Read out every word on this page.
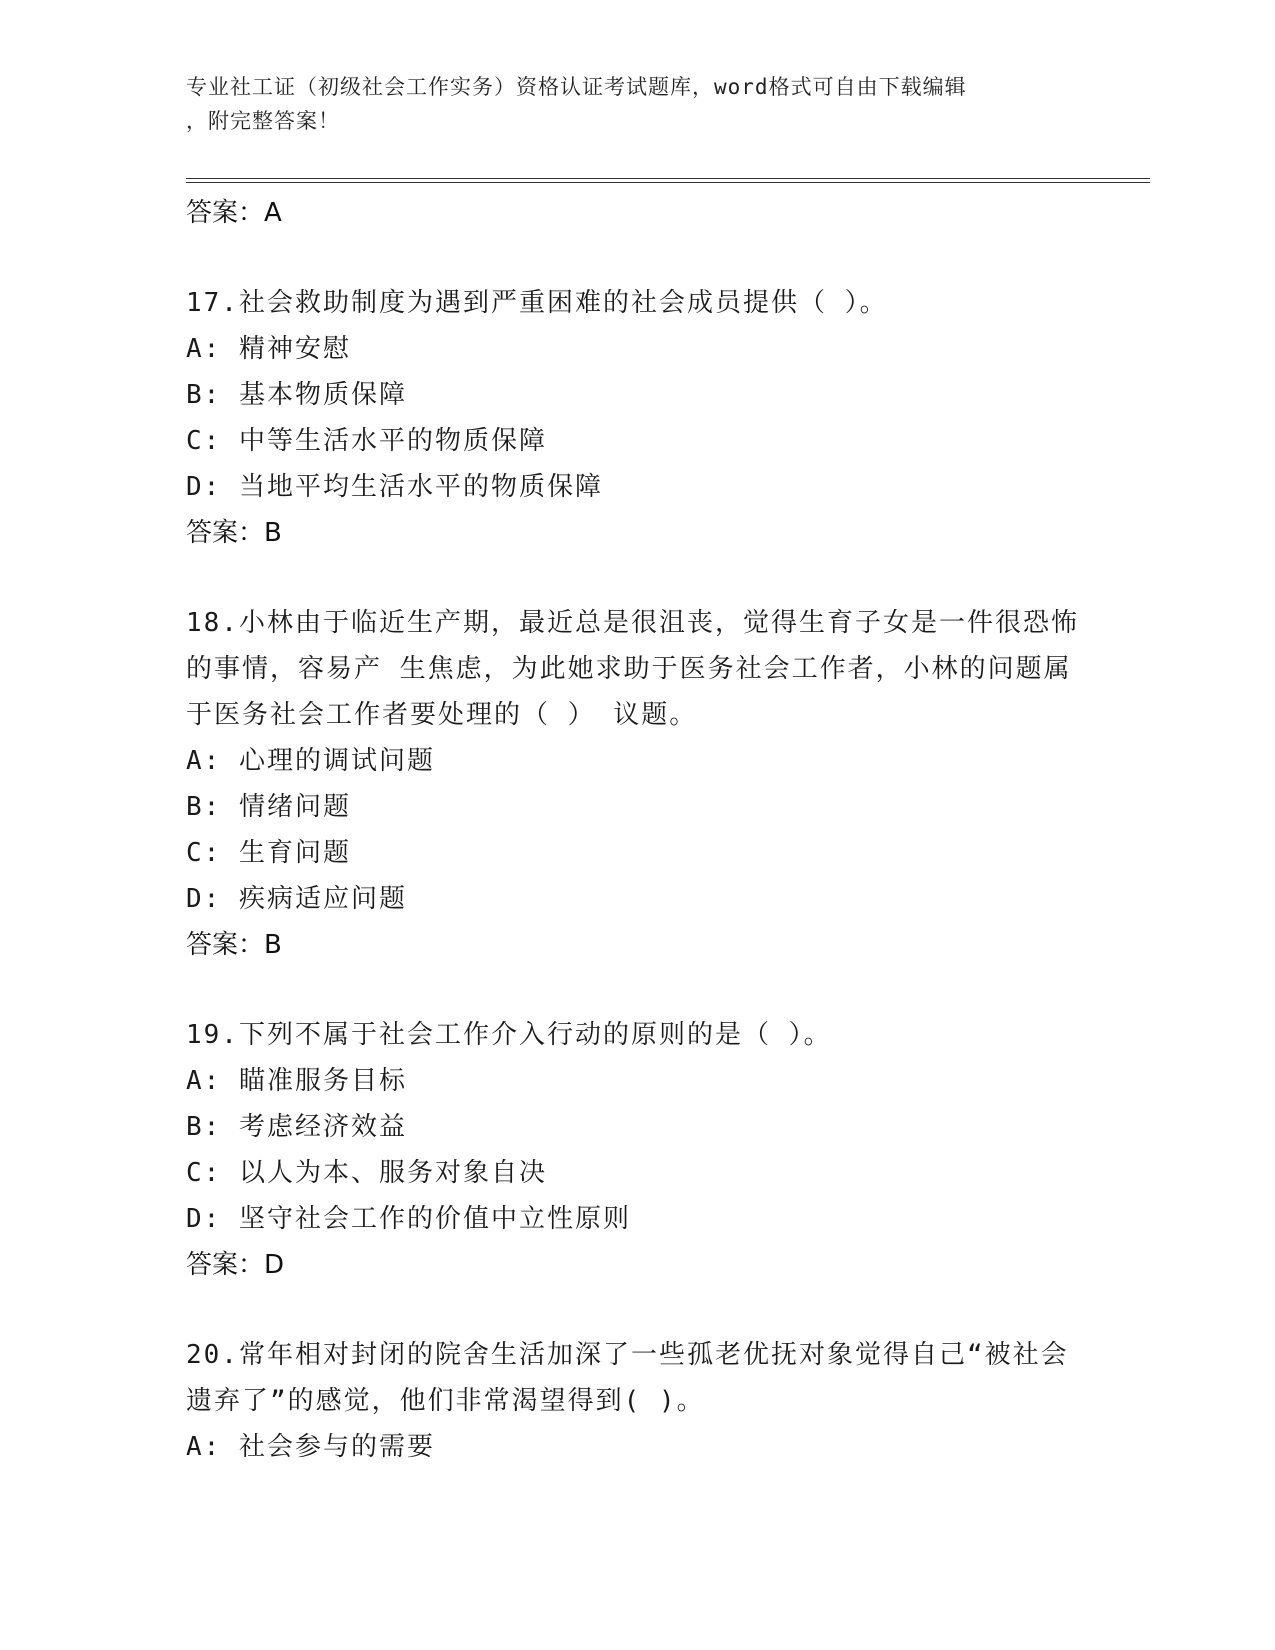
专业社工证（初级社会工作实务）资格认证考试题库，word格式可自由下载编辑
，附完整答案！

答案：A

17.社会救助制度为遇到严重困难的社会成员提供（ ）。

A: 精神安慰

B: 基本物质保障

C: 中等生活水平的物质保障

D: 当地平均生活水平的物质保障

答案：B

18.小林由于临近生产期，最近总是很沮丧，觉得生育子女是一件很恐怖的事情，容易产 生焦虑，为此她求助于医务社会工作者，小林的问题属于医务社会工作者要处理的（ ） 议题。

A: 心理的调试问题

B: 情绪问题

C: 生育问题

D: 疾病适应问题

答案：B

19.下列不属于社会工作介入行动的原则的是（ ）。

A: 瞄准服务目标

B: 考虑经济效益

C: 以人为本、服务对象自决

D: 坚守社会工作的价值中立性原则

答案：D

20.常年相对封闭的院舍生活加深了一些孤老优抚对象觉得自己“被社会遗弃了”的感觉，他们非常渴望得到( )。

A: 社会参与的需要
